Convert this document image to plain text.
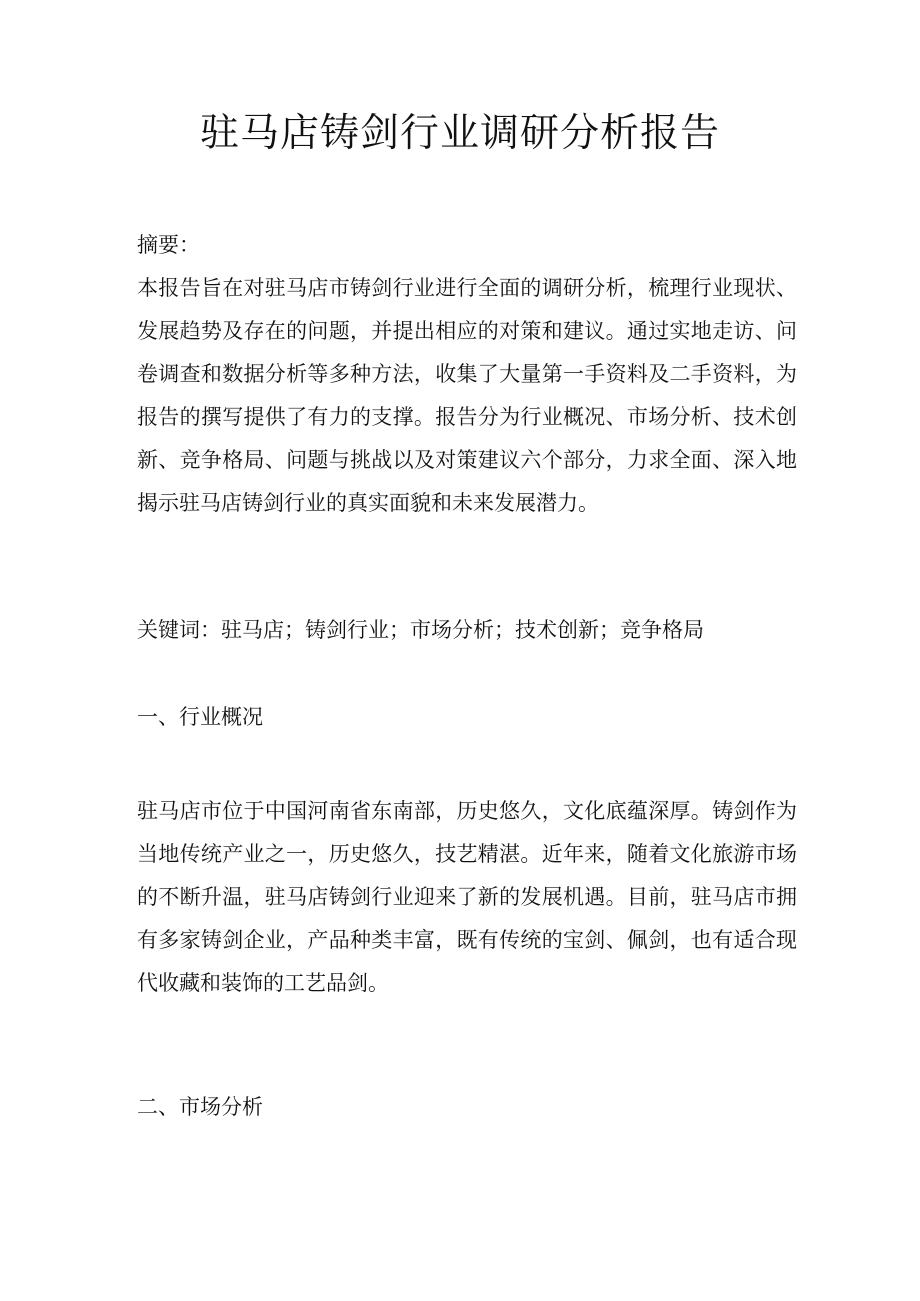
驻马店铸剑行业调研分析报告

摘要：

本报告旨在对驻马店市铸剑行业进行全面的调研分析，梳理行业现状、发展趋势及存在的问题，并提出相应的对策和建议。通过实地走访、问卷调查和数据分析等多种方法，收集了大量第一手资料及二手资料，为报告的撰写提供了有力的支撑。报告分为行业概况、市场分析、技术创新、竞争格局、问题与挑战以及对策建议六个部分，力求全面、深入地揭示驻马店铸剑行业的真实面貌和未来发展潜力。

关键词：驻马店；铸剑行业；市场分析；技术创新；竞争格局

一、行业概况

驻马店市位于中国河南省东南部，历史悠久，文化底蕴深厚。铸剑作为当地传统产业之一，历史悠久，技艺精湛。近年来，随着文化旅游市场的不断升温，驻马店铸剑行业迎来了新的发展机遇。目前，驻马店市拥有多家铸剑企业，产品种类丰富，既有传统的宝剑、佩剑，也有适合现代收藏和装饰的工艺品剑。

二、市场分析
